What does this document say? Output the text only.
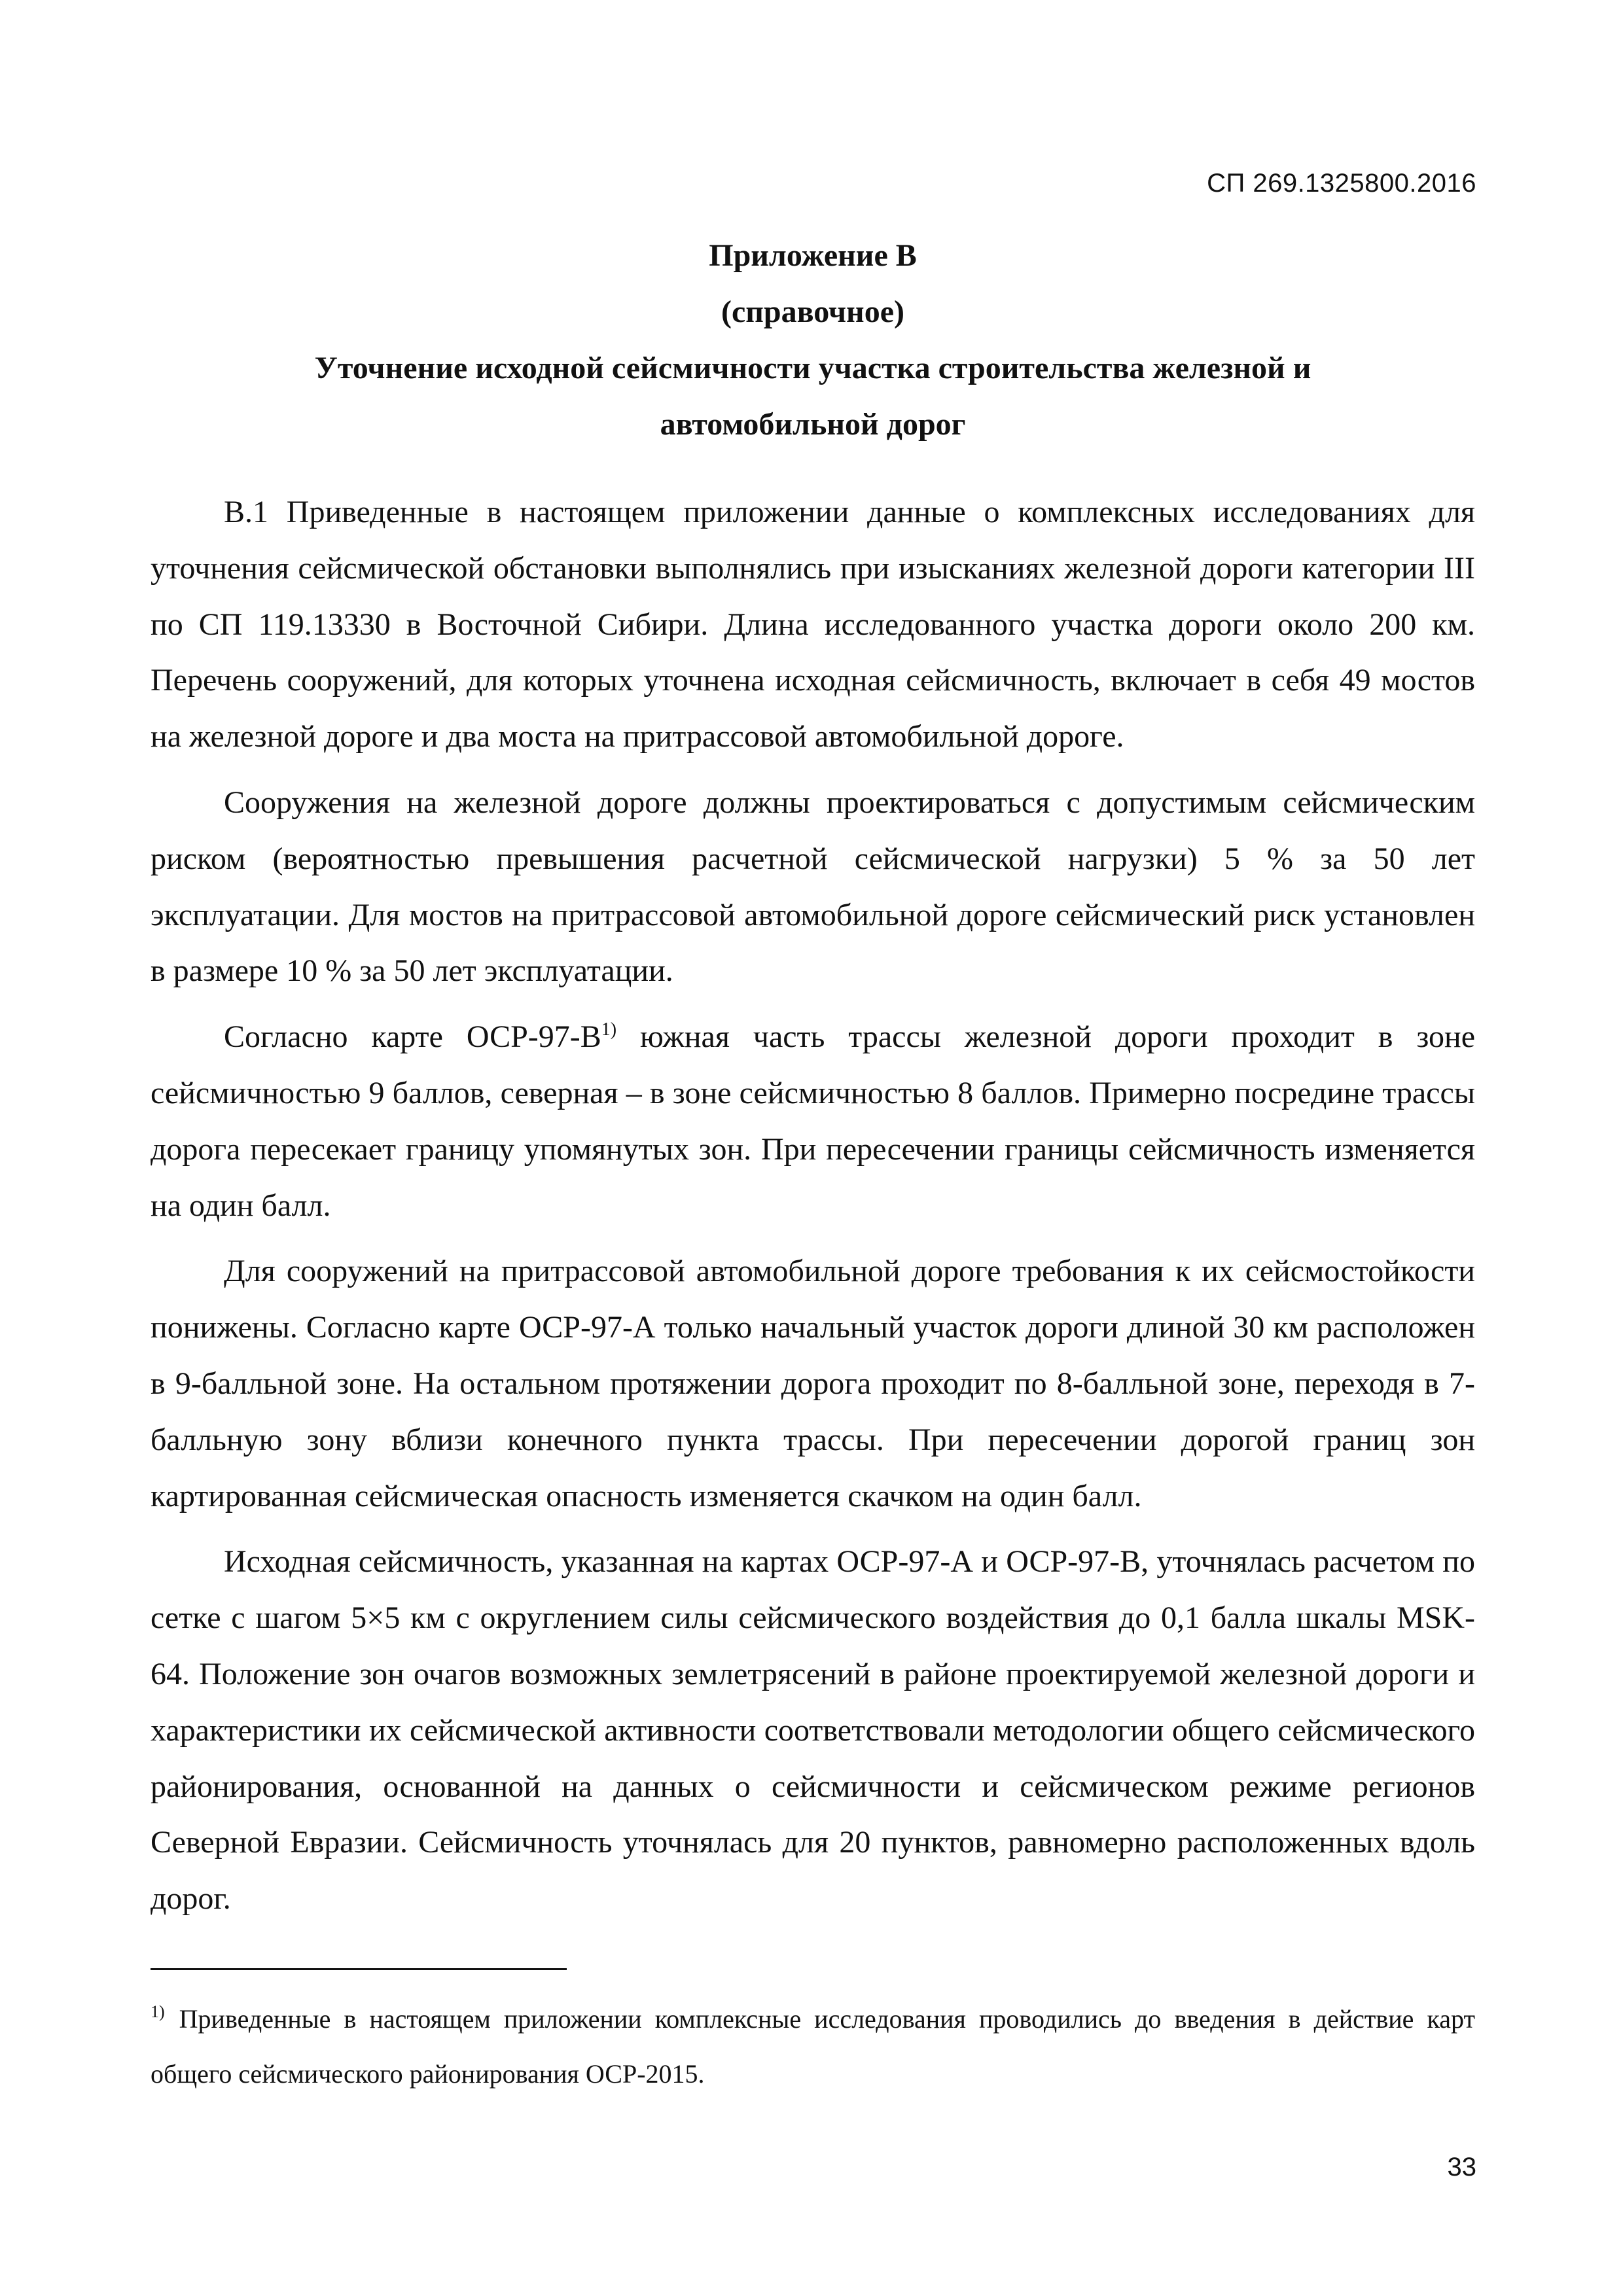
СП 269.1325800.2016
Приложение В
(справочное)
Уточнение исходной сейсмичности участка строительства железной и
автомобильной дорог

В.1 Приведенные в настоящем приложении данные о комплексных исследованиях для уточнения сейсмической обстановки выполнялись при изысканиях железной дороги категории III по СП 119.13330 в Восточной Сибири. Длина исследованного участка дороги около 200 км. Перечень сооружений, для которых уточнена исходная сейсмичность, включает в себя 49 мостов на железной дороге и два моста на притрассовой автомобильной дороге.

Сооружения на железной дороге должны проектироваться с допустимым сейсмическим риском (вероятностью превышения расчетной сейсмической нагрузки) 5 % за 50 лет эксплуатации. Для мостов на притрассовой автомобильной дороге сейсмический риск установлен в размере 10 % за 50 лет эксплуатации.

Согласно карте ОСР-$97-В^{1)}$ южная часть трассы железной дороги проходит в зоне сейсмичностью 9 баллов, северная – в зоне сейсмичностью 8 баллов. Примерно посредине трассы дорога пересекает границу упомянутых зон. При пересечении границы сейсмичность изменяется на один балл.

Для сооружений на притрассовой автомобильной дороге требования к их сейсмостойкости понижены. Согласно карте ОСР-97-А только начальный участок дороги длиной 30 км расположен в 9-балльной зоне. На остальном протяжении дорога проходит по 8-балльной зоне, переходя в 7-балльную зону вблизи конечного пункта трассы. При пересечении дорогой границ зон картированная сейсмическая опасность изменяется скачком на один балл.

Исходная сейсмичность, указанная на картах ОСР-97-А и ОСР-97-В, уточнялась расчетом по сетке с шагом 5×5 км с округлением силы сейсмического воздействия до 0,1 балла шкалы MSK-64. Положение зон очагов возможных землетрясений в районе проектируемой железной дороги и характеристики их сейсмической активности соответствовали методологии общего сейсмического районирования, основанной на данных о сейсмичности и сейсмическом режиме регионов Северной Евразии. Сейсмичность уточнялась для 20 пунктов, равномерно расположенных вдоль дорог.

$^{1)}$ Приведенные в настоящем приложении комплексные исследования проводились до введения в действие карт общего сейсмического районирования ОСР-2015.
33
